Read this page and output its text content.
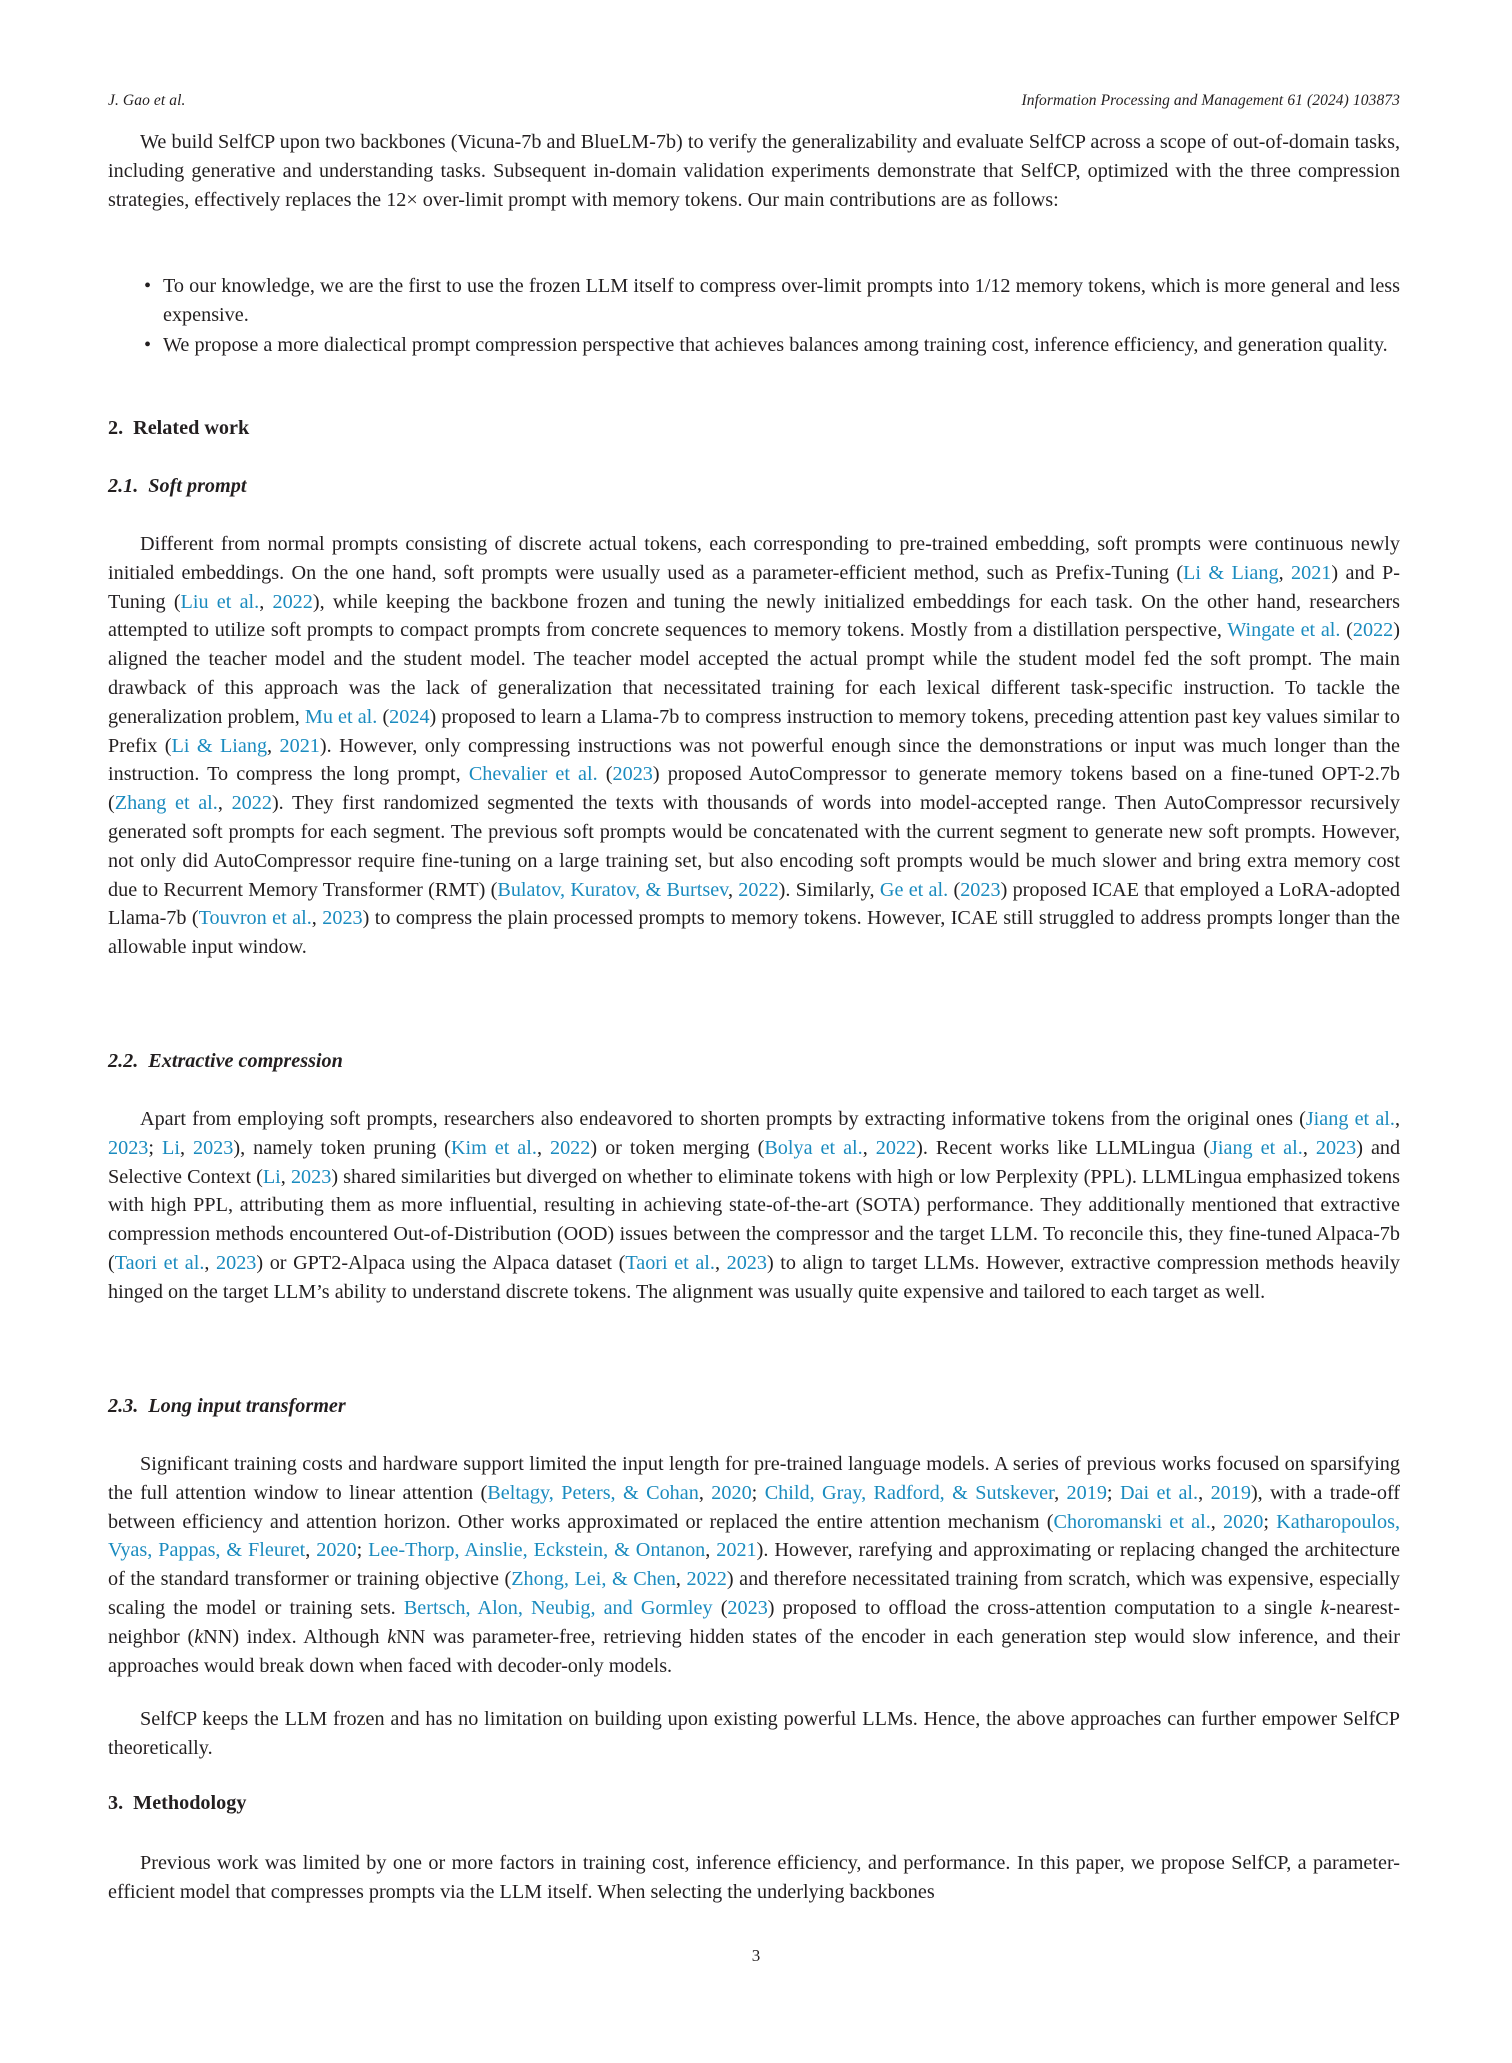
J. Gao et al.	Information Processing and Management 61 (2024) 103873

We build SelfCP upon two backbones (Vicuna-7b and BlueLM-7b) to verify the generalizability and evaluate SelfCP across a scope of out-of-domain tasks, including generative and understanding tasks. Subsequent in-domain validation experiments demonstrate that SelfCP, optimized with the three compression strategies, effectively replaces the 12× over-limit prompt with memory tokens. Our main contributions are as follows:

• To our knowledge, we are the first to use the frozen LLM itself to compress over-limit prompts into 1/12 memory tokens, which is more general and less expensive.
• We propose a more dialectical prompt compression perspective that achieves balances among training cost, inference efficiency, and generation quality.
2. Related work
2.1. Soft prompt

Different from normal prompts consisting of discrete actual tokens, each corresponding to pre-trained embedding, soft prompts were continuous newly initialed embeddings. On the one hand, soft prompts were usually used as a parameter-efficient method, such as Prefix-Tuning (Li & Liang, 2021) and P-Tuning (Liu et al., 2022), while keeping the backbone frozen and tuning the newly initialized embeddings for each task. On the other hand, researchers attempted to utilize soft prompts to compact prompts from concrete sequences to memory tokens. Mostly from a distillation perspective, Wingate et al. (2022) aligned the teacher model and the student model. The teacher model accepted the actual prompt while the student model fed the soft prompt. The main drawback of this approach was the lack of generalization that necessitated training for each lexical different task-specific instruction. To tackle the generalization problem, Mu et al. (2024) proposed to learn a Llama-7b to compress instruction to memory tokens, preceding attention past key values similar to Prefix (Li & Liang, 2021). However, only compressing instructions was not powerful enough since the demonstrations or input was much longer than the instruction. To compress the long prompt, Chevalier et al. (2023) proposed AutoCompressor to generate memory tokens based on a fine-tuned OPT-2.7b (Zhang et al., 2022). They first randomized segmented the texts with thousands of words into model-accepted range. Then AutoCompressor recursively generated soft prompts for each segment. The previous soft prompts would be concatenated with the current segment to generate new soft prompts. However, not only did AutoCompressor require fine-tuning on a large training set, but also encoding soft prompts would be much slower and bring extra memory cost due to Recurrent Memory Transformer (RMT) (Bulatov, Kuratov, & Burtsev, 2022). Similarly, Ge et al. (2023) proposed ICAE that employed a LoRA-adopted Llama-7b (Touvron et al., 2023) to compress the plain processed prompts to memory tokens. However, ICAE still struggled to address prompts longer than the allowable input window.

2.2. Extractive compression

Apart from employing soft prompts, researchers also endeavored to shorten prompts by extracting informative tokens from the original ones (Jiang et al., 2023; Li, 2023), namely token pruning (Kim et al., 2022) or token merging (Bolya et al., 2022). Recent works like LLMLingua (Jiang et al., 2023) and Selective Context (Li, 2023) shared similarities but diverged on whether to eliminate tokens with high or low Perplexity (PPL). LLMLingua emphasized tokens with high PPL, attributing them as more influential, resulting in achieving state-of-the-art (SOTA) performance. They additionally mentioned that extractive compression methods encountered Out-of-Distribution (OOD) issues between the compressor and the target LLM. To reconcile this, they fine-tuned Alpaca-7b (Taori et al., 2023) or GPT2-Alpaca using the Alpaca dataset (Taori et al., 2023) to align to target LLMs. However, extractive compression methods heavily hinged on the target LLM’s ability to understand discrete tokens. The alignment was usually quite expensive and tailored to each target as well.

2.3. Long input transformer

Significant training costs and hardware support limited the input length for pre-trained language models. A series of previous works focused on sparsifying the full attention window to linear attention (Beltagy, Peters, & Cohan, 2020; Child, Gray, Radford, & Sutskever, 2019; Dai et al., 2019), with a trade-off between efficiency and attention horizon. Other works approximated or replaced the entire attention mechanism (Choromanski et al., 2020; Katharopoulos, Vyas, Pappas, & Fleuret, 2020; Lee-Thorp, Ainslie, Eckstein, & Ontanon, 2021). However, rarefying and approximating or replacing changed the architecture of the standard transformer or training objective (Zhong, Lei, & Chen, 2022) and therefore necessitated training from scratch, which was expensive, especially scaling the model or training sets. Bertsch, Alon, Neubig, and Gormley (2023) proposed to offload the cross-attention computation to a single k-nearest-neighbor (kNN) index. Although kNN was parameter-free, retrieving hidden states of the encoder in each generation step would slow inference, and their approaches would break down when faced with decoder-only models.

SelfCP keeps the LLM frozen and has no limitation on building upon existing powerful LLMs. Hence, the above approaches can further empower SelfCP theoretically.

3. Methodology

Previous work was limited by one or more factors in training cost, inference efficiency, and performance. In this paper, we propose SelfCP, a parameter-efficient model that compresses prompts via the LLM itself. When selecting the underlying backbones

3
